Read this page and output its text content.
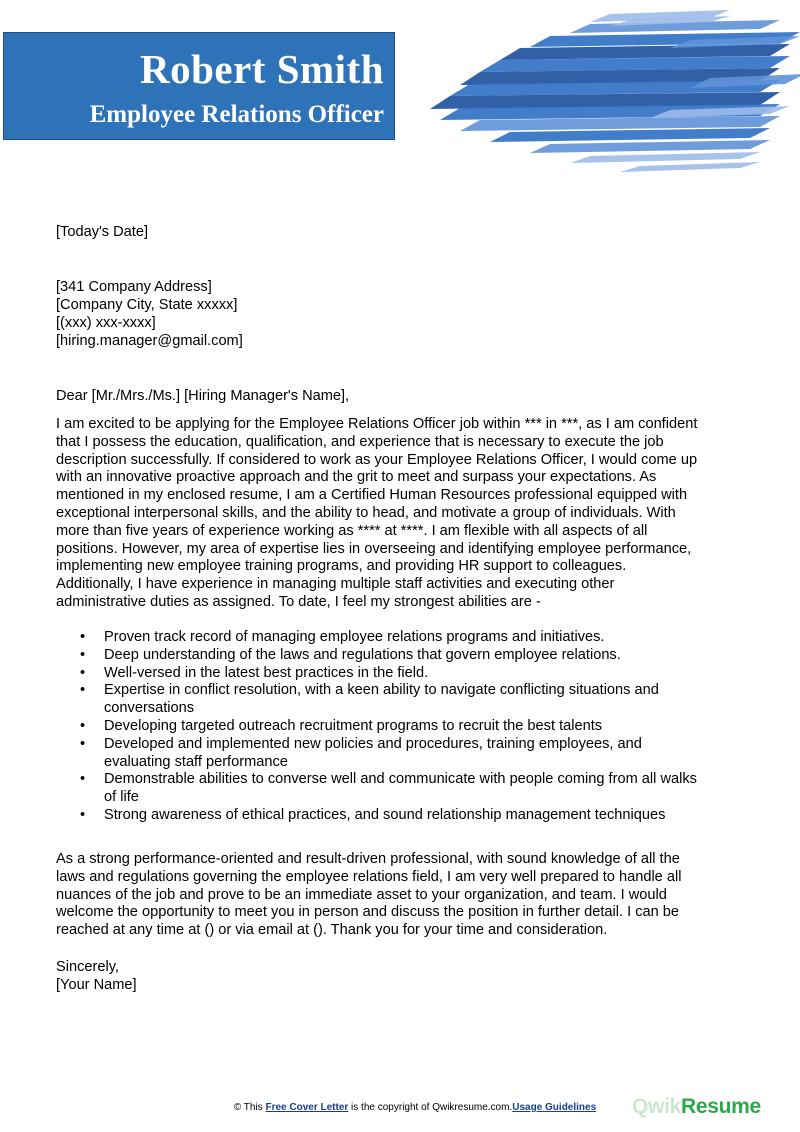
Robert Smith
Employee Relations Officer
[Today's Date]
[341 Company Address]
[Company City, State xxxxx]
[(xxx) xxx-xxxx]
[hiring.manager@gmail.com]
Dear [Mr./Mrs./Ms.] [Hiring Manager's Name],
I am excited to be applying for the Employee Relations Officer job within *** in ***, as I am confident
that I possess the education, qualification, and experience that is necessary to execute the job
description successfully. If considered to work as your Employee Relations Officer, I would come up
with an innovative proactive approach and the grit to meet and surpass your expectations. As
mentioned in my enclosed resume, I am a Certified Human Resources professional equipped with
exceptional interpersonal skills, and the ability to head, and motivate a group of individuals. With
more than five years of experience working as **** at ****. I am flexible with all aspects of all
positions. However, my area of expertise lies in overseeing and identifying employee performance,
implementing new employee training programs, and providing HR support to colleagues.
Additionally, I have experience in managing multiple staff activities and executing other
administrative duties as assigned. To date, I feel my strongest abilities are -
• Proven track record of managing employee relations programs and initiatives.
• Deep understanding of the laws and regulations that govern employee relations.
• Well-versed in the latest best practices in the field.
• Expertise in conflict resolution, with a keen ability to navigate conflicting situations and
conversations
• Developing targeted outreach recruitment programs to recruit the best talents
• Developed and implemented new policies and procedures, training employees, and
evaluating staff performance
• Demonstrable abilities to converse well and communicate with people coming from all walks
of life
• Strong awareness of ethical practices, and sound relationship management techniques
As a strong performance-oriented and result-driven professional, with sound knowledge of all the
laws and regulations governing the employee relations field, I am very well prepared to handle all
nuances of the job and prove to be an immediate asset to your organization, and team. I would
welcome the opportunity to meet you in person and discuss the position in further detail. I can be
reached at any time at () or via email at (). Thank you for your time and consideration.
Sincerely,
[Your Name]
© This Free Cover Letter is the copyright of Qwikresume.com.Usage Guidelines	QwikResume
